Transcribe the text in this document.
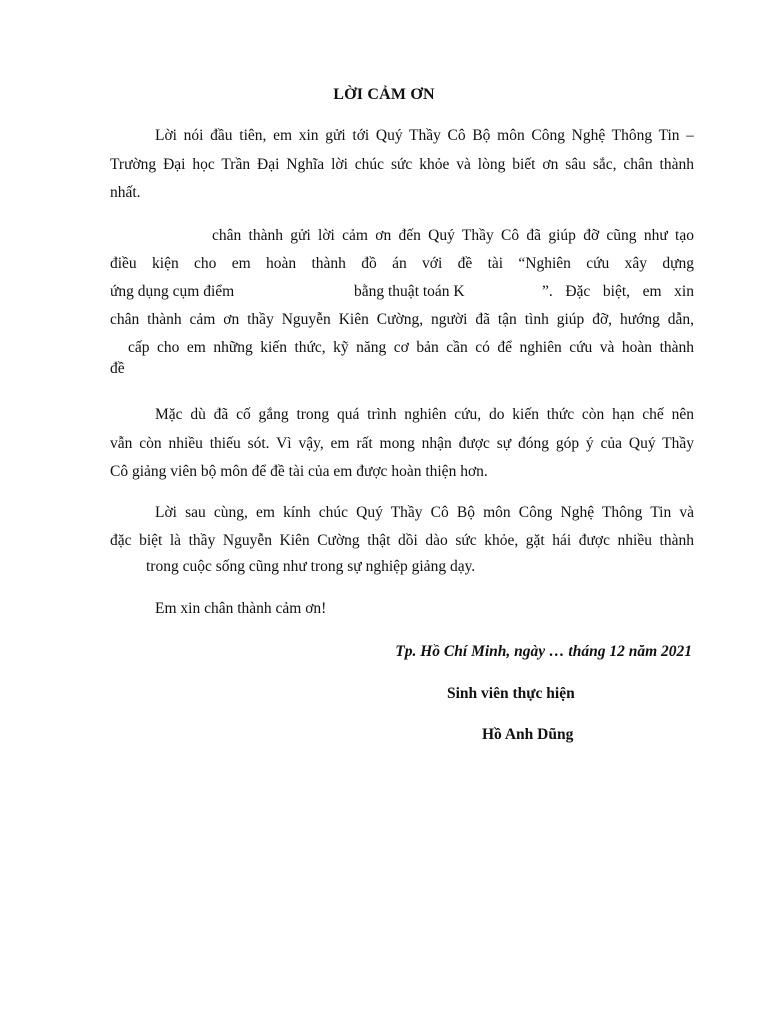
LỜI CẢM ƠN
Lời nói đầu tiên, em xin gửi tới Quý Thầy Cô Bộ môn Công Nghệ Thông Tin –
Trường Đại học Trần Đại Nghĩa lời chúc sức khỏe và lòng biết ơn sâu sắc, chân thành
nhất.
chân thành gửi lời cảm ơn đến Quý Thầy Cô đã giúp đỡ cũng như tạo
điều kiện cho em hoàn thành đồ án với đề tài “Nghiên cứu xây dựng
ứng dụng cụm điểm	bằng thuật toán K	”. Đặc biệt, em xin
chân thành cảm ơn thầy Nguyễn Kiên Cường, người đã tận tình giúp đỡ, hướng dẫn,
cấp cho em những kiến thức, kỹ năng cơ bản cần có để nghiên cứu và hoàn thành
đề
Mặc dù đã cố gắng trong quá trình nghiên cứu, do kiến thức còn hạn chế nên
vẫn còn nhiều thiếu sót. Vì vậy, em rất mong nhận được sự đóng góp ý của Quý Thầy
Cô giảng viên bộ môn để đề tài của em được hoàn thiện hơn.
Lời sau cùng, em kính chúc Quý Thầy Cô Bộ môn Công Nghệ Thông Tin và
đặc biệt là thầy Nguyễn Kiên Cường thật dồi dào sức khỏe, gặt hái được nhiều thành
trong cuộc sống cũng như trong sự nghiệp giảng dạy.
Em xin chân thành cảm ơn!
Tp. Hồ Chí Minh, ngày … tháng 12 năm 2021
Sinh viên thực hiện
Hồ Anh Dũng
